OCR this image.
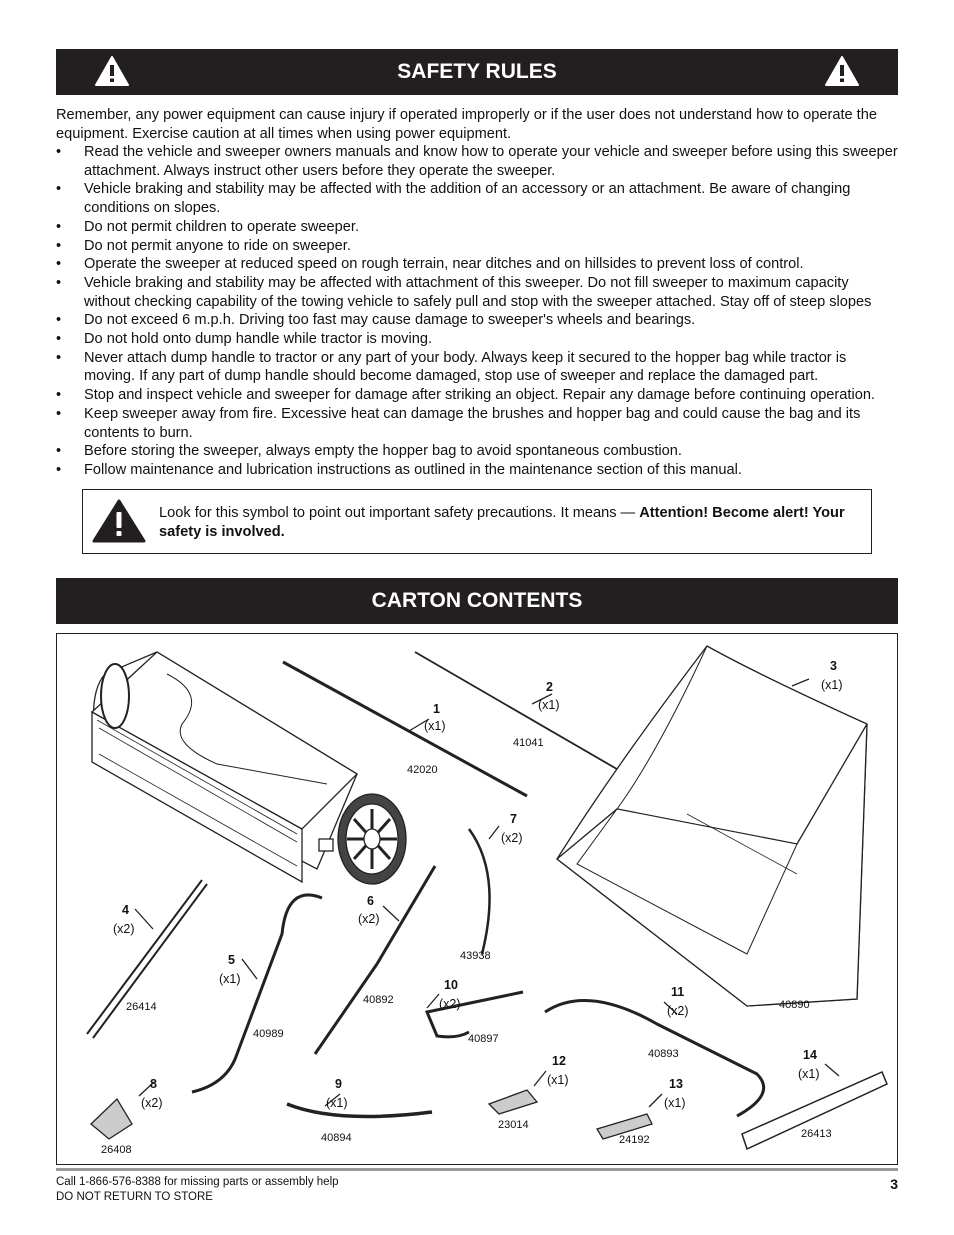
SAFETY RULES
Remember, any power equipment can cause injury if operated improperly or if the user does not understand how to operate the equipment. Exercise caution at all times when using power equipment.
• Read the vehicle and sweeper owners manuals and know how to operate your vehicle and sweeper before using this sweeper attachment. Always instruct other users before they operate the sweeper.
• Vehicle braking and stability may be affected with the addition of an accessory or an attachment. Be aware of changing conditions on slopes.
• Do not permit children to operate sweeper.
• Do not permit anyone to ride on sweeper.
• Operate the sweeper at reduced speed on rough terrain, near ditches and on hillsides to prevent loss of control.
• Vehicle braking and stability may be affected with attachment of this sweeper. Do not fill sweeper to maximum capacity without checking capability of the towing vehicle to safely pull and stop with the sweeper attached. Stay off of steep slopes
• Do not exceed 6 m.p.h. Driving too fast may cause damage to sweeper's wheels and bearings.
• Do not hold onto dump handle while tractor is moving.
• Never attach dump handle to tractor or any part of your body. Always keep it secured to the hopper bag while tractor is moving. If any part of dump handle should become damaged, stop use of sweeper and replace the damaged part.
• Stop and inspect vehicle and sweeper for damage after striking an object. Repair any damage before continuing operation.
• Keep sweeper away from fire. Excessive heat can damage the brushes and hopper bag and could cause the bag and its contents to burn.
• Before storing the sweeper, always empty the hopper bag to avoid spontaneous combustion.
• Follow maintenance and lubrication instructions as outlined in the maintenance section of this manual.
Look for this symbol to point out important safety precautions. It means — Attention! Become alert! Your safety is involved.
CARTON CONTENTS
1
(x1)
42020
2
(x1)
41041
3
(x1)
40890
4
(x2)
26414
5
(x1)
40989
6
(x2)
40892
7
(x2)
43938
8
(x2)
26408
9
(x1)
40894
10
(x2)
40897
11
(x2)
40893
12
(x1)
23014
13
(x1)
24192
14
(x1)
26413
Call 1-866-576-8388 for missing parts or assembly help
DO NOT RETURN TO STORE
3
